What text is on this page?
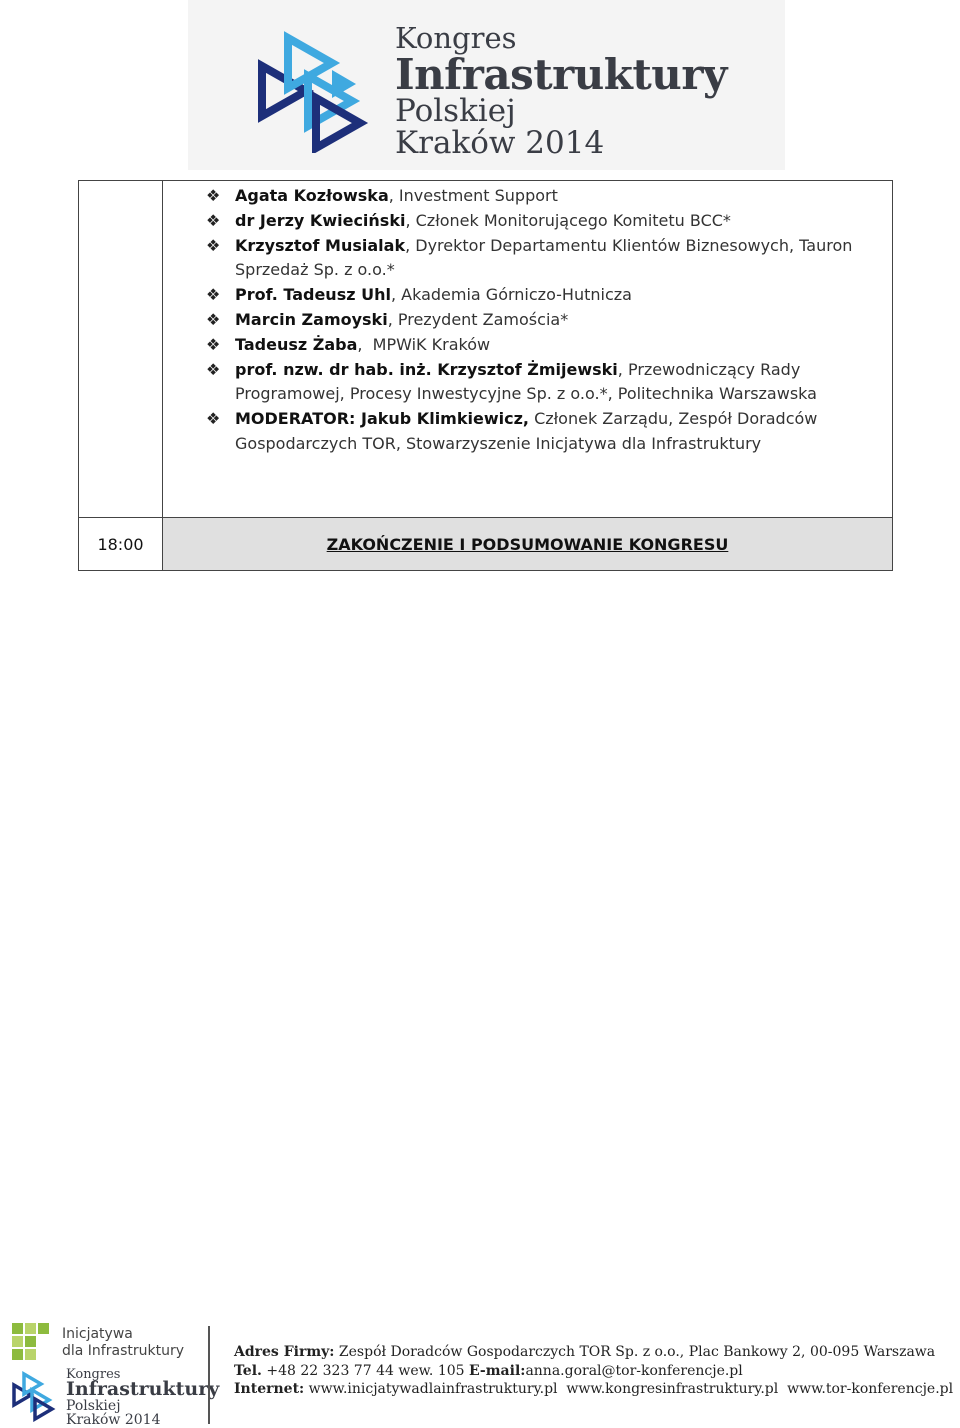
Kongres
Infrastruktury
Polskiej
Kraków 2014
❖ Agata Kozłowska, Investment Support
❖ dr Jerzy Kwieciński, Członek Monitorującego Komitetu BCC*
❖ Krzysztof Musialak, Dyrektor Departamentu Klientów Biznesowych, Tauron Sprzedaż Sp. z o.o.*
❖ Prof. Tadeusz Uhl, Akademia Górniczo-Hutnicza
❖ Marcin Zamoyski, Prezydent Zamościa*
❖ Tadeusz Żaba,  MPWiK Kraków
❖ prof. nzw. dr hab. inż. Krzysztof Żmijewski, Przewodniczący Rady Programowej, Procesy Inwestycyjne Sp. z o.o.*, Politechnika Warszawska
❖ MODERATOR: Jakub Klimkiewicz, Członek Zarządu, Zespół Doradców Gospodarczych TOR, Stowarzyszenie Inicjatywa dla Infrastruktury
18:00	ZAKOŃCZENIE I PODSUMOWANIE KONGRESU
Inicjatywa
dla Infrastruktury
Kongres
Infrastruktury
Polskiej
Kraków 2014
Adres Firmy: Zespół Doradców Gospodarczych TOR Sp. z o.o., Plac Bankowy 2, 00-095 Warszawa
Tel. +48 22 323 77 44 wew. 105 E-mail:anna.goral@tor-konferencje.pl
Internet: www.inicjatywadlainfrastruktury.pl  www.kongresinfrastruktury.pl  www.tor-konferencje.pl
